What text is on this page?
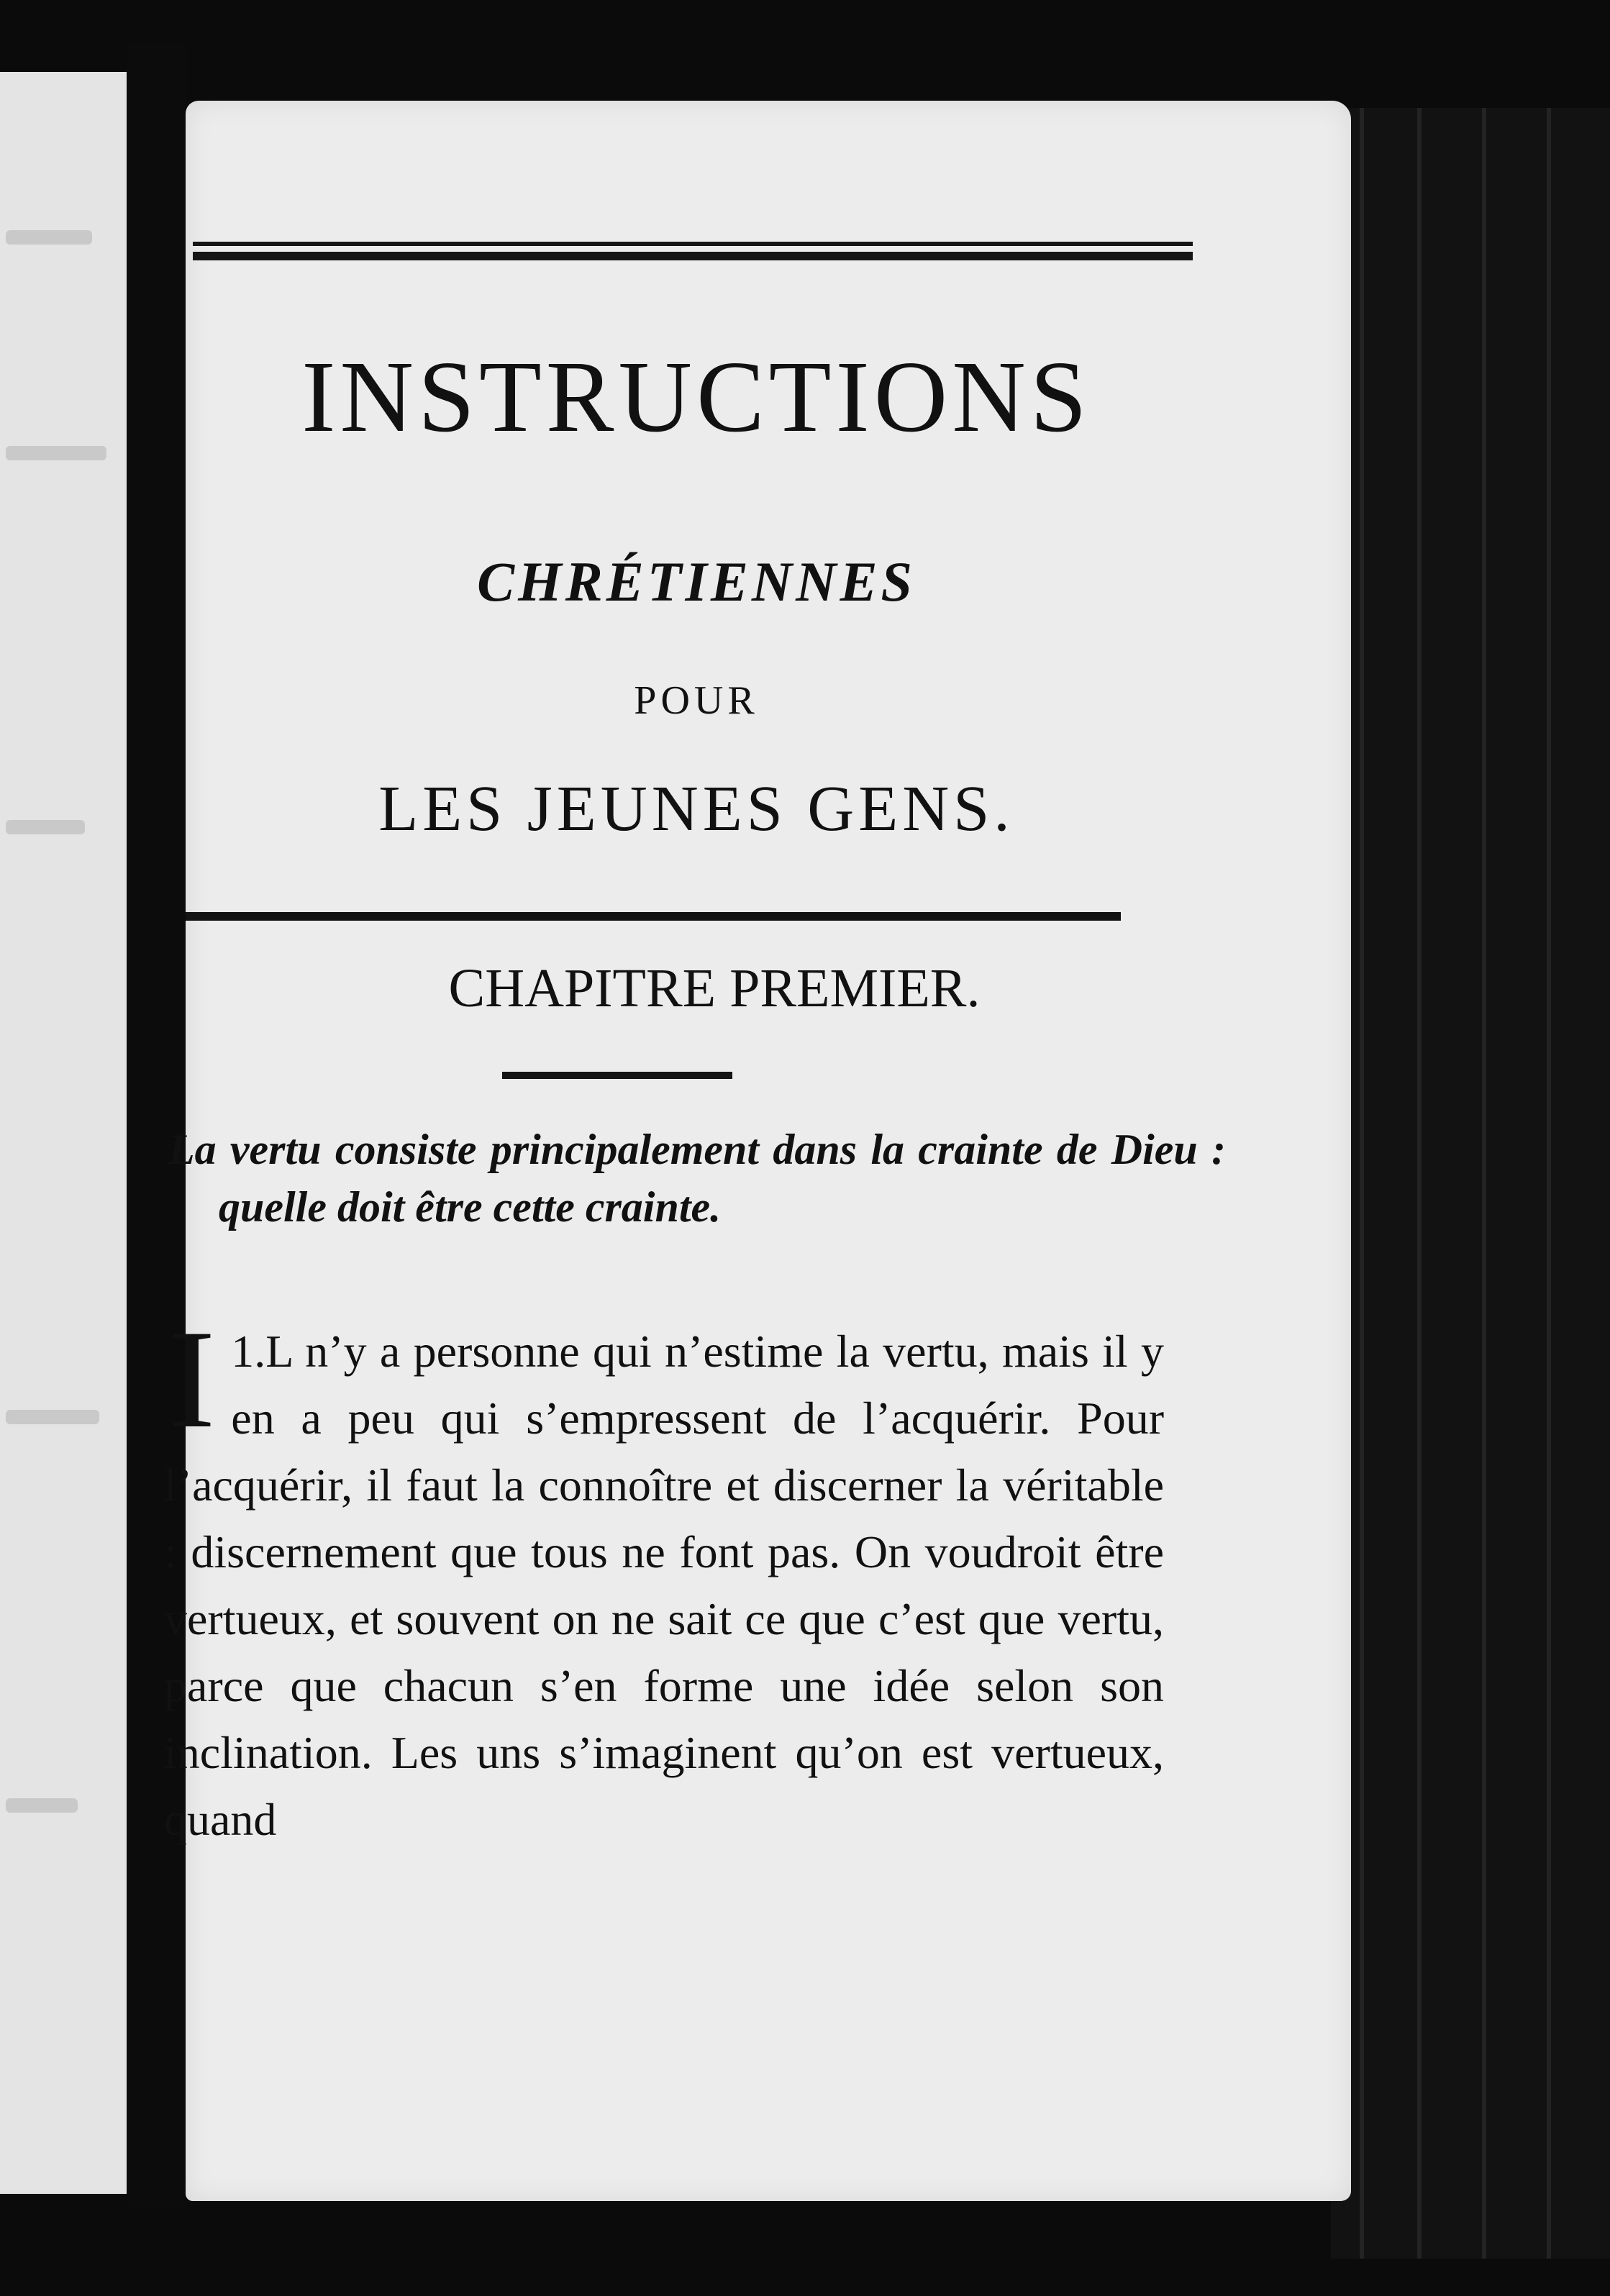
INSTRUCTIONS
CHRÉTIENNES
POUR
LES JEUNES GENS.
CHAPITRE PREMIER.
La vertu consiste principalement dans la crainte de Dieu : quelle doit être cette crainte.
1.
I L n’y a personne qui n’estime la vertu, mais il y en a peu qui s’empressent de l’acquérir. Pour l’acquérir, il faut la connoître et discerner la véritable : discernement que tous ne font pas. On voudroit être vertueux, et souvent on ne sait ce que c’est que vertu, parce que chacun s’en forme une idée selon son inclination. Les uns s’imaginent qu’on est vertueux, quand
